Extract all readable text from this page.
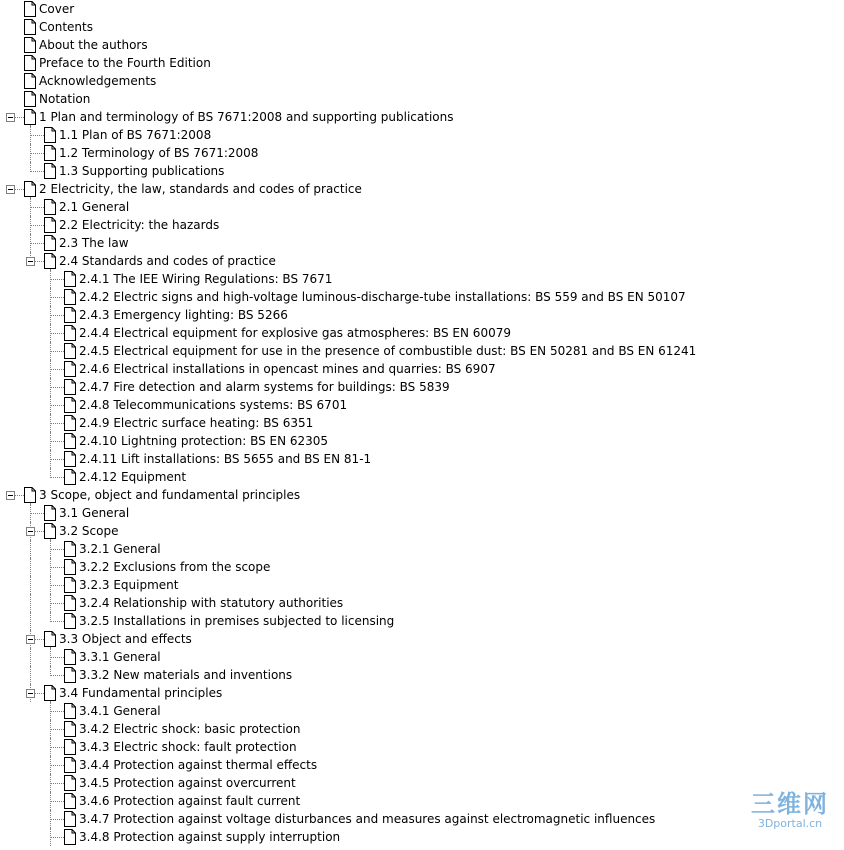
Cover
Contents
About the authors
Preface to the Fourth Edition
Acknowledgements
Notation
1 Plan and terminology of BS 7671:2008 and supporting publications
1.1 Plan of BS 7671:2008
1.2 Terminology of BS 7671:2008
1.3 Supporting publications
2 Electricity, the law, standards and codes of practice
2.1 General
2.2 Electricity: the hazards
2.3 The law
2.4 Standards and codes of practice
2.4.1 The IEE Wiring Regulations: BS 7671
2.4.2 Electric signs and high-voltage luminous-discharge-tube installations: BS 559 and BS EN 50107
2.4.3 Emergency lighting: BS 5266
2.4.4 Electrical equipment for explosive gas atmospheres: BS EN 60079
2.4.5 Electrical equipment for use in the presence of combustible dust: BS EN 50281 and BS EN 61241
2.4.6 Electrical installations in opencast mines and quarries: BS 6907
2.4.7 Fire detection and alarm systems for buildings: BS 5839
2.4.8 Telecommunications systems: BS 6701
2.4.9 Electric surface heating: BS 6351
2.4.10 Lightning protection: BS EN 62305
2.4.11 Lift installations: BS 5655 and BS EN 81-1
2.4.12 Equipment
3 Scope, object and fundamental principles
3.1 General
3.2 Scope
3.2.1 General
3.2.2 Exclusions from the scope
3.2.3 Equipment
3.2.4 Relationship with statutory authorities
3.2.5 Installations in premises subjected to licensing
3.3 Object and effects
3.3.1 General
3.3.2 New materials and inventions
3.4 Fundamental principles
3.4.1 General
3.4.2 Electric shock: basic protection
3.4.3 Electric shock: fault protection
3.4.4 Protection against thermal effects
3.4.5 Protection against overcurrent
3.4.6 Protection against fault current
3.4.7 Protection against voltage disturbances and measures against electromagnetic influences
3.4.8 Protection against supply interruption
三维网
3Dportal.cn
